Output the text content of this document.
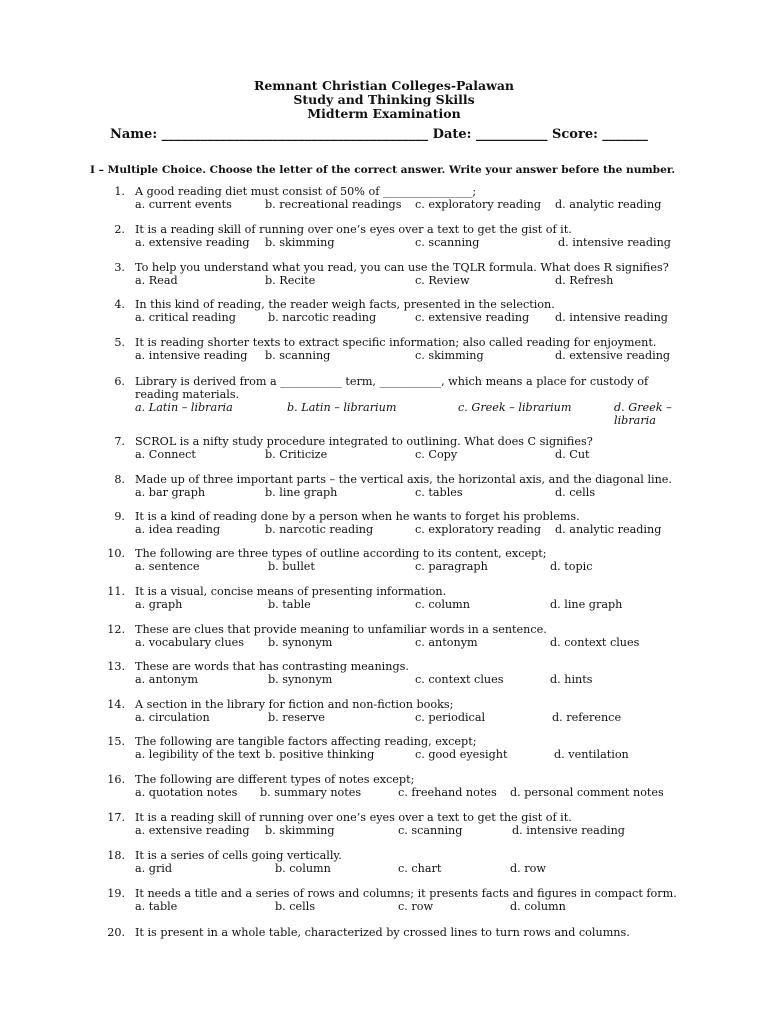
Remnant Christian Colleges-Palawan
Study and Thinking Skills
Midterm Examination
Name: _________________________________________ Date: ___________ Score: _______
I – Multiple Choice. Choose the letter of the correct answer. Write your answer before the number.
1. A good reading diet must consist of 50% of ________________;
a. current events	b. recreational readings c. exploratory reading d. analytic reading
2. It is a reading skill of running over one’s eyes over a text to get the gist of it.
a. extensive reading b. skimming	c. scanning	d. intensive reading
3. To help you understand what you read, you can use the TQLR formula. What does R signifies?
a. Read	b. Recite	c. Review	d. Refresh
4. In this kind of reading, the reader weigh facts, presented in the selection.
a. critical reading	b. narcotic reading	c. extensive reading d. intensive reading
5. It is reading shorter texts to extract specific information; also called reading for enjoyment.
a. intensive reading b. scanning	c. skimming	d. extensive reading
6. Library is derived from a ___________ term, ___________, which means a place for custody of reading materials.
a. Latin – libraria	b. Latin – librarium	c. Greek – librarium	d. Greek – libraria
7. SCROL is a nifty study procedure integrated to outlining. What does C signifies?
a. Connect	b. Criticize	c. Copy	d. Cut
8. Made up of three important parts – the vertical axis, the horizontal axis, and the diagonal line.
a. bar graph	b. line graph	c. tables	d. cells
9. It is a kind of reading done by a person when he wants to forget his problems.
a. idea reading	b. narcotic reading	c. exploratory reading d. analytic reading
10. The following are three types of outline according to its content, except;
a. sentence	b. bullet	c. paragraph	d. topic
11. It is a visual, concise means of presenting information.
a. graph	b. table	c. column	d. line graph
12. These are clues that provide meaning to unfamiliar words in a sentence.
a. vocabulary clues b. synonym	c. antonym	d. context clues
13. These are words that has contrasting meanings.
a. antonym	b. synonym	c. context clues	d. hints
14. A section in the library for fiction and non-fiction books;
a. circulation	b. reserve	c. periodical	d. reference
15. The following are tangible factors affecting reading, except;
a. legibility of the text b. positive thinking	c. good eyesight	d. ventilation
16. The following are different types of notes except;
a. quotation notes b. summary notes	c. freehand notes d. personal comment notes
17. It is a reading skill of running over one’s eyes over a text to get the gist of it.
a. extensive reading b. skimming	c. scanning	d. intensive reading
18. It is a series of cells going vertically.
a. grid	b. column	c. chart	d. row
19. It needs a title and a series of rows and columns; it presents facts and figures in compact form.
a. table	b. cells	c. row	d. column
20. It is present in a whole table, characterized by crossed lines to turn rows and columns.
